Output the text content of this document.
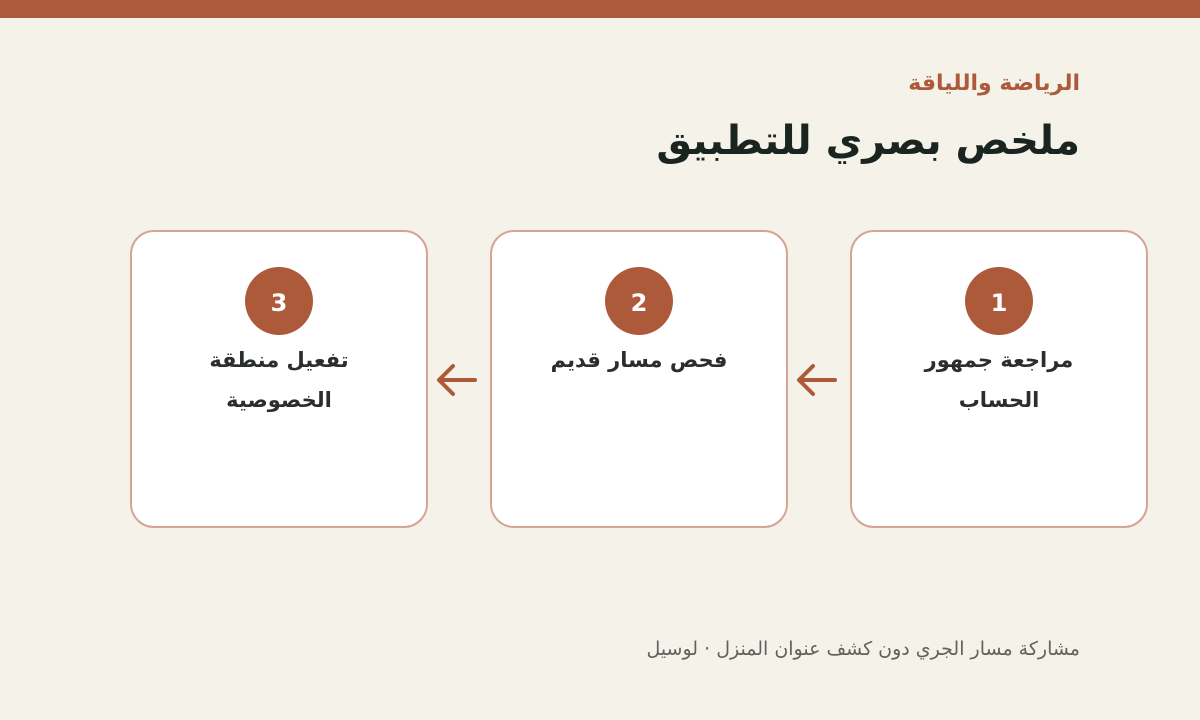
الرياضة واللياقة
ملخص بصري للتطبيق
1
مراجعة جمهور الحساب
2
فحص مسار قديم
3
تفعيل منطقة الخصوصية
مشاركة مسار الجري دون كشف عنوان المنزل · لوسيل
